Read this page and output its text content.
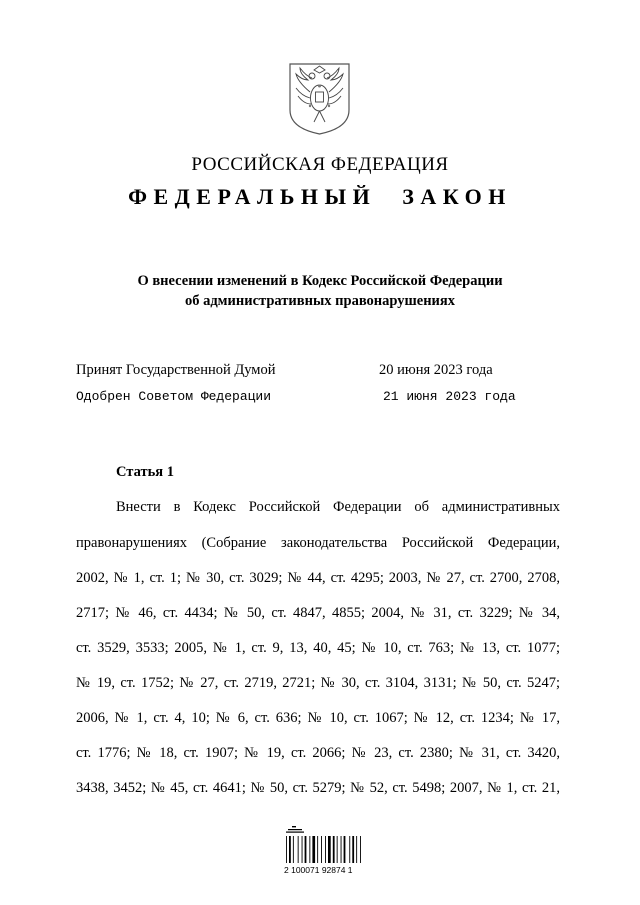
РОССИЙСКАЯ ФЕДЕРАЦИЯ
ФЕДЕРАЛЬНЫЙ ЗАКОН
О внесении изменений в Кодекс Российской Федерации
об административных правонарушениях
Принят Государственной Думой	20 июня 2023 года
Одобрен Советом Федерации	21 июня 2023 года
Статья 1
Внести в Кодекс Российской Федерации об административных
правонарушениях (Собрание законодательства Российской Федерации,
2002, № 1, ст. 1; № 30, ст. 3029; № 44, ст. 4295; 2003, № 27, ст. 2700, 2708,
2717; № 46, ст. 4434; № 50, ст. 4847, 4855; 2004, № 31, ст. 3229; № 34,
ст. 3529, 3533; 2005, № 1, ст. 9, 13, 40, 45; № 10, ст. 763; № 13, ст. 1077;
№ 19, ст. 1752; № 27, ст. 2719, 2721; № 30, ст. 3104, 3131; № 50, ст. 5247;
2006, № 1, ст. 4, 10; № 6, ст. 636; № 10, ст. 1067; № 12, ст. 1234; № 17,
ст. 1776; № 18, ст. 1907; № 19, ст. 2066; № 23, ст. 2380; № 31, ст. 3420,
3438, 3452; № 45, ст. 4641; № 50, ст. 5279; № 52, ст. 5498; 2007, № 1, ст. 21,
2 100071 92874 1
